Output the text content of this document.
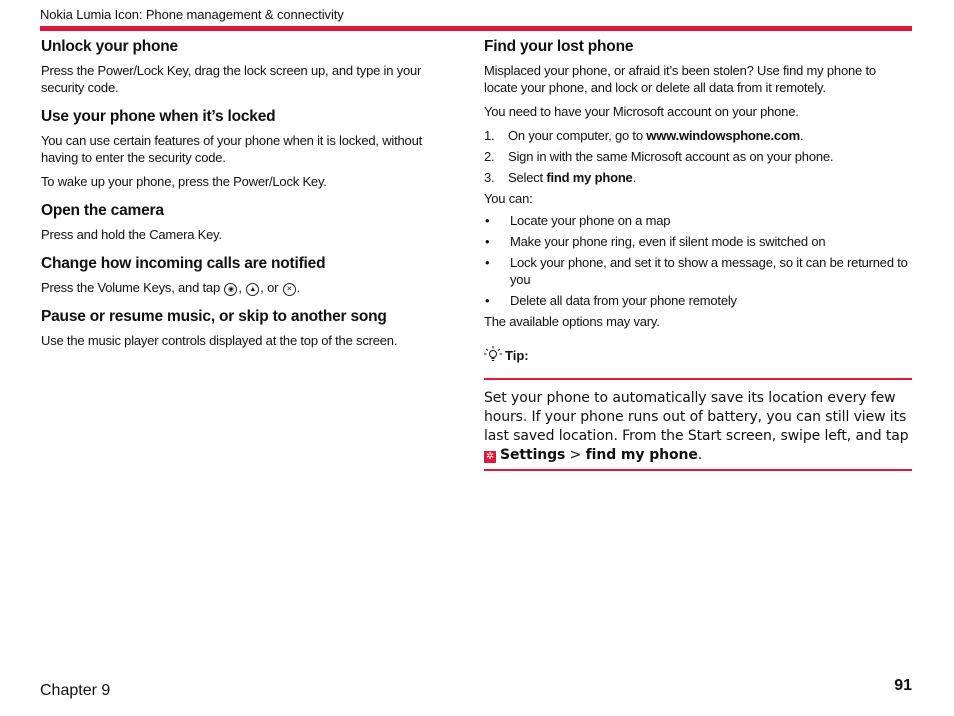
Nokia Lumia Icon: Phone management & connectivity
Unlock your phone

Press the Power/Lock Key, drag the lock screen up, and type in your security code.

Use your phone when it’s locked

You can use certain features of your phone when it is locked, without having to enter the security code.

To wake up your phone, press the Power/Lock Key.

Open the camera

Press and hold the Camera Key.

Change how incoming calls are notified

Press the Volume Keys, and tap ◉ , ▲ , or ✕ .

Pause or resume music, or skip to another song

Use the music player controls displayed at the top of the screen.

Find your lost phone

Misplaced your phone, or afraid it’s been stolen? Use find my phone to locate your phone, and lock or delete all data from it remotely.

You need to have your Microsoft account on your phone.

1. On your computer, go to www.windowsphone.com.
2. Sign in with the same Microsoft account as on your phone.
3. Select find my phone.

You can:

• Locate your phone on a map
• Make your phone ring, even if silent mode is switched on
• Lock your phone, and set it to show a message, so it can be returned to you
• Delete all data from your phone remotely

The available options may vary.

Tip:
Set your phone to automatically save its location every few hours. If your phone runs out of battery, you can still view its last saved location. From the Start screen, swipe left, and tap ✲ Settings > find my phone.
Chapter 9	91
